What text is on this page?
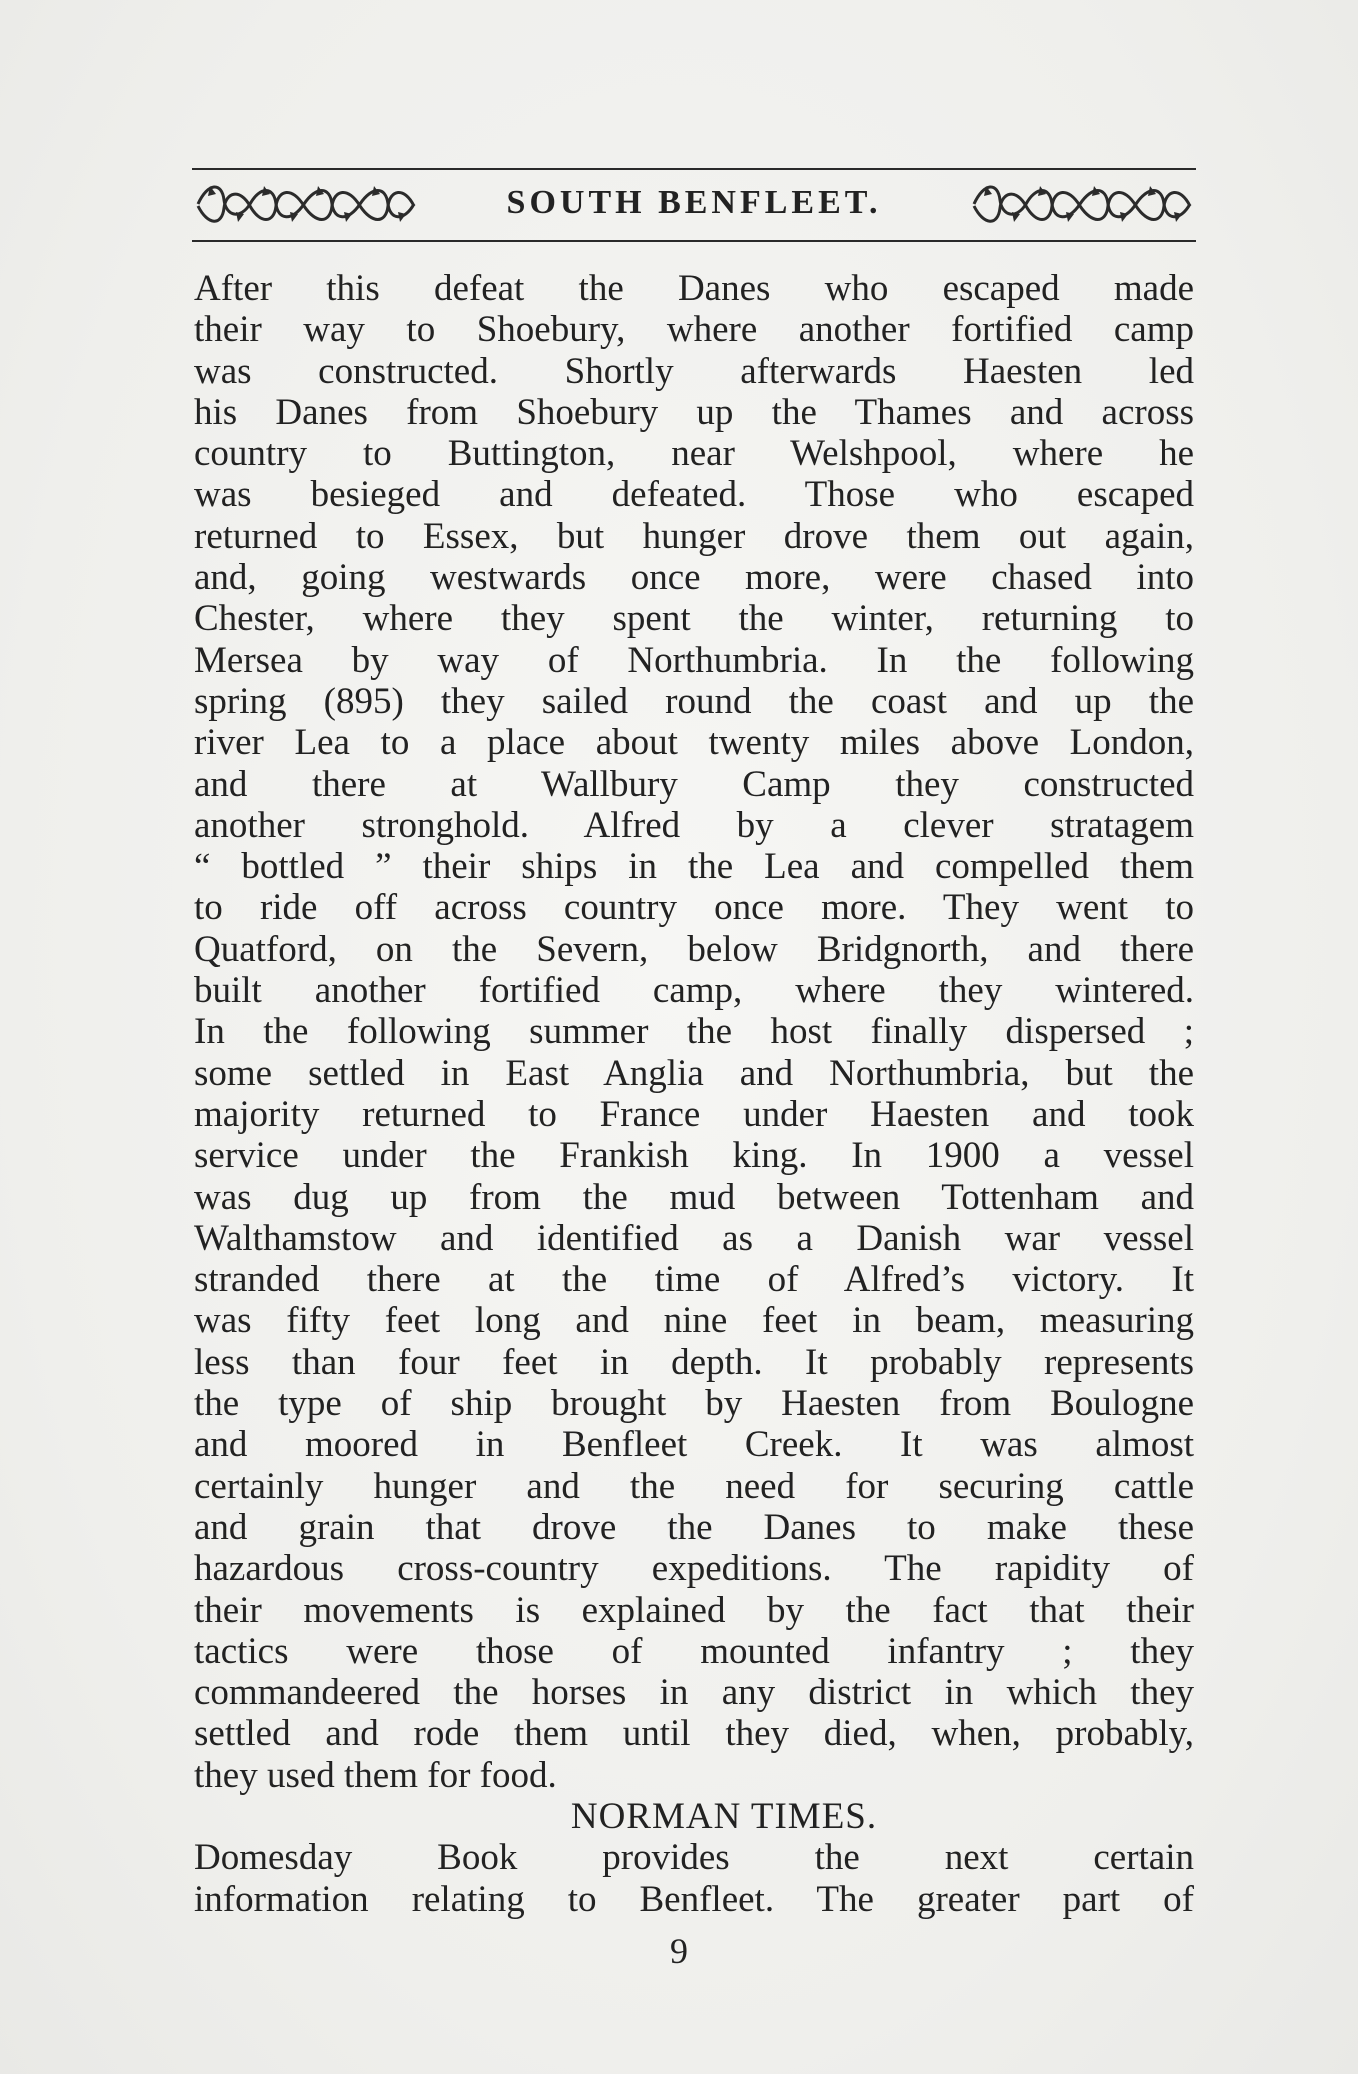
SOUTH BENFLEET.
After this defeat the Danes who escaped made
their way to Shoebury, where another fortified camp
was constructed. Shortly afterwards Haesten led
his Danes from Shoebury up the Thames and across
country to Buttington, near Welshpool, where he
was besieged and defeated. Those who escaped
returned to Essex, but hunger drove them out again,
and, going westwards once more, were chased into
Chester, where they spent the winter, returning to
Mersea by way of Northumbria. In the following
spring (895) they sailed round the coast and up the
river Lea to a place about twenty miles above London,
and there at Wallbury Camp they constructed
another stronghold. Alfred by a clever stratagem
“ bottled ” their ships in the Lea and compelled them
to ride off across country once more. They went to
Quatford, on the Severn, below Bridgnorth, and there
built another fortified camp, where they wintered.
In the following summer the host finally dispersed ;
some settled in East Anglia and Northumbria, but the
majority returned to France under Haesten and took
service under the Frankish king. In 1900 a vessel
was dug up from the mud between Tottenham and
Walthamstow and identified as a Danish war vessel
stranded there at the time of Alfred’s victory. It
was fifty feet long and nine feet in beam, measuring
less than four feet in depth. It probably represents
the type of ship brought by Haesten from Boulogne
and moored in Benfleet Creek. It was almost
certainly hunger and the need for securing cattle
and grain that drove the Danes to make these
hazardous cross-country expeditions. The rapidity of
their movements is explained by the fact that their
tactics were those of mounted infantry ; they
commandeered the horses in any district in which they
settled and rode them until they died, when, probably,
they used them for food.
NORMAN TIMES.
Domesday Book provides the next certain
information relating to Benfleet. The greater part of
9
